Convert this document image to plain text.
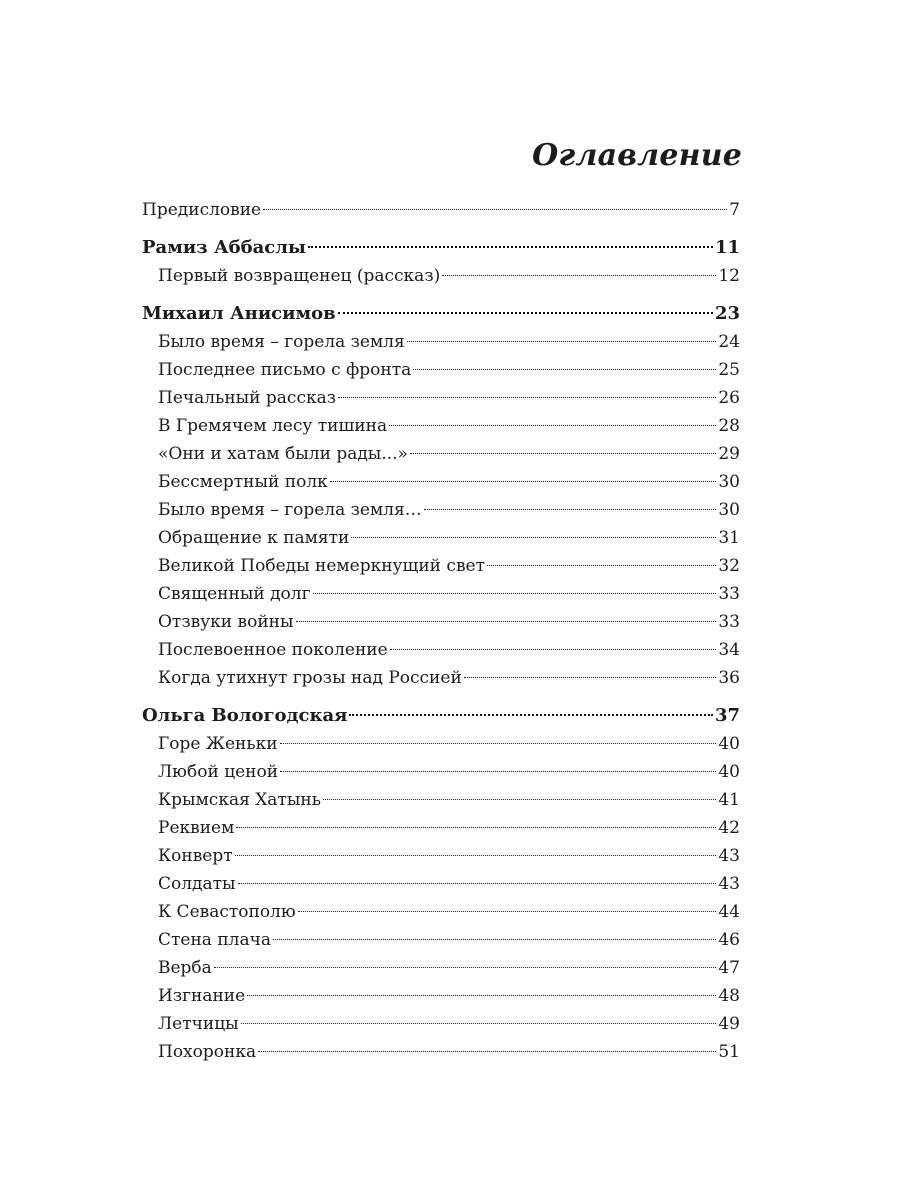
Оглавление
Предисловие	7
Рамиз Аббаслы	11
Первый возвращенец (рассказ)	12
Михаил Анисимов	23
Было время – горела земля	24
Последнее письмо с фронта	25
Печальный рассказ	26
В Гремячем лесу тишина	28
«Они и хатам были рады...»	29
Бессмертный полк	30
Было время – горела земля…	30
Обращение к памяти	31
Великой Победы немеркнущий свет	32
Священный долг	33
Отзвуки войны	33
Послевоенное поколение	34
Когда утихнут грозы над Россией	36
Ольга Вологодская	37
Горе Женьки	40
Любой ценой	40
Крымская Хатынь	41
Реквием	42
Конверт	43
Солдаты	43
К Севастополю	44
Стена плача	46
Верба	47
Изгнание	48
Летчицы	49
Похоронка	51
